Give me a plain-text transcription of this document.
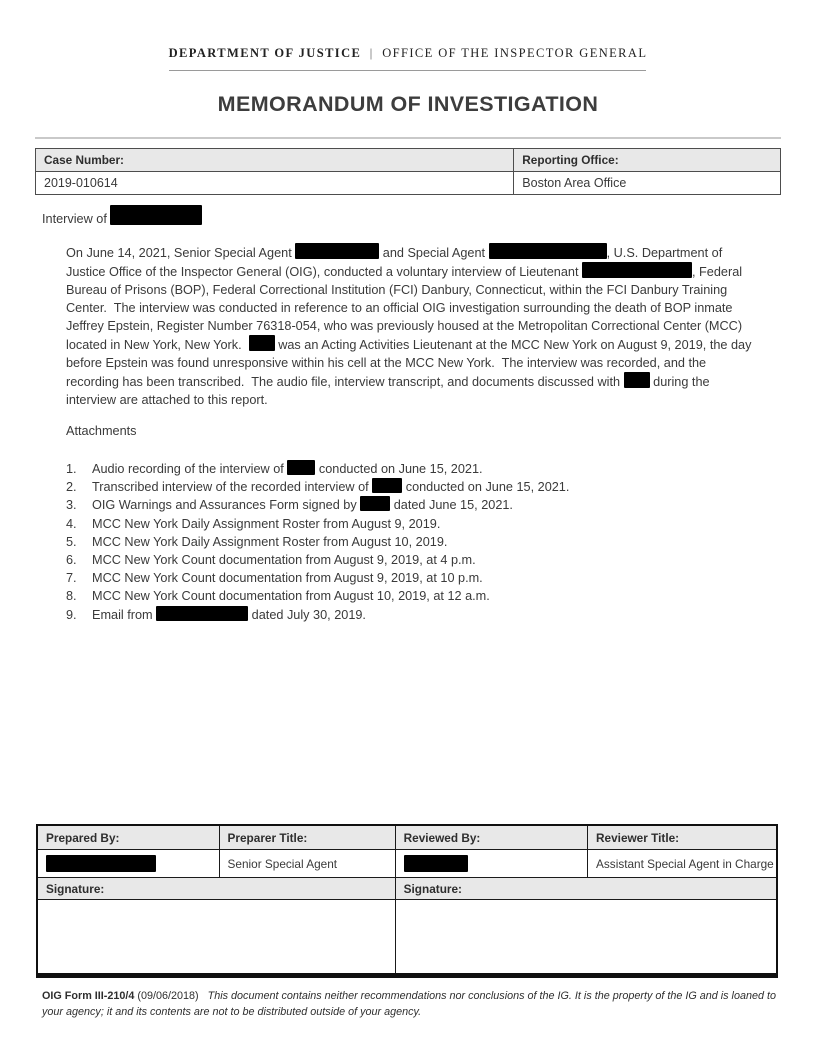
DEPARTMENT OF JUSTICE | OFFICE OF THE INSPECTOR GENERAL
MEMORANDUM OF INVESTIGATION
Case Number:	Reporting Office:
2019-010614	Boston Area Office
Interview of
On June 14, 2021, Senior Special Agent	and Special Agent	, U.S. Department of Justice Office of the Inspector General (OIG), conducted a voluntary interview of Lieutenant	, Federal Bureau of Prisons (BOP), Federal Correctional Institution (FCI) Danbury, Connecticut, within the FCI Danbury Training Center.  The interview was conducted in reference to an official OIG investigation surrounding the death of BOP inmate Jeffrey Epstein, Register Number 76318-054, who was previously housed at the Metropolitan Correctional Center (MCC) located in New York, New York.   was an Acting Activities Lieutenant at the MCC New York on August 9, 2019, the day before Epstein was found unresponsive within his cell at the MCC New York.  The interview was recorded, and the recording has been transcribed.  The audio file, interview transcript, and documents discussed with  during the interview are attached to this report.
Attachments
1.	Audio recording of the interview of  conducted on June 15, 2021.
2.	Transcribed interview of the recorded interview of  conducted on June 15, 2021.
3.	OIG Warnings and Assurances Form signed by  dated June 15, 2021.
4.	MCC New York Daily Assignment Roster from August 9, 2019.
5.	MCC New York Daily Assignment Roster from August 10, 2019.
6.	MCC New York Count documentation from August 9, 2019, at 4 p.m.
7.	MCC New York Count documentation from August 9, 2019, at 10 p.m.
8.	MCC New York Count documentation from August 10, 2019, at 12 a.m.
9.	Email from	dated July 30, 2019.
Prepared By:	Preparer Title:	Reviewed By:	Reviewer Title:
	Senior Special Agent		Assistant Special Agent in Charge
Signature:		Signature:	

OIG Form III-210/4 (09/06/2018) This document contains neither recommendations nor conclusions of the IG. It is the property of the IG and is loaned to your agency; it and its contents are not to be distributed outside of your agency.
